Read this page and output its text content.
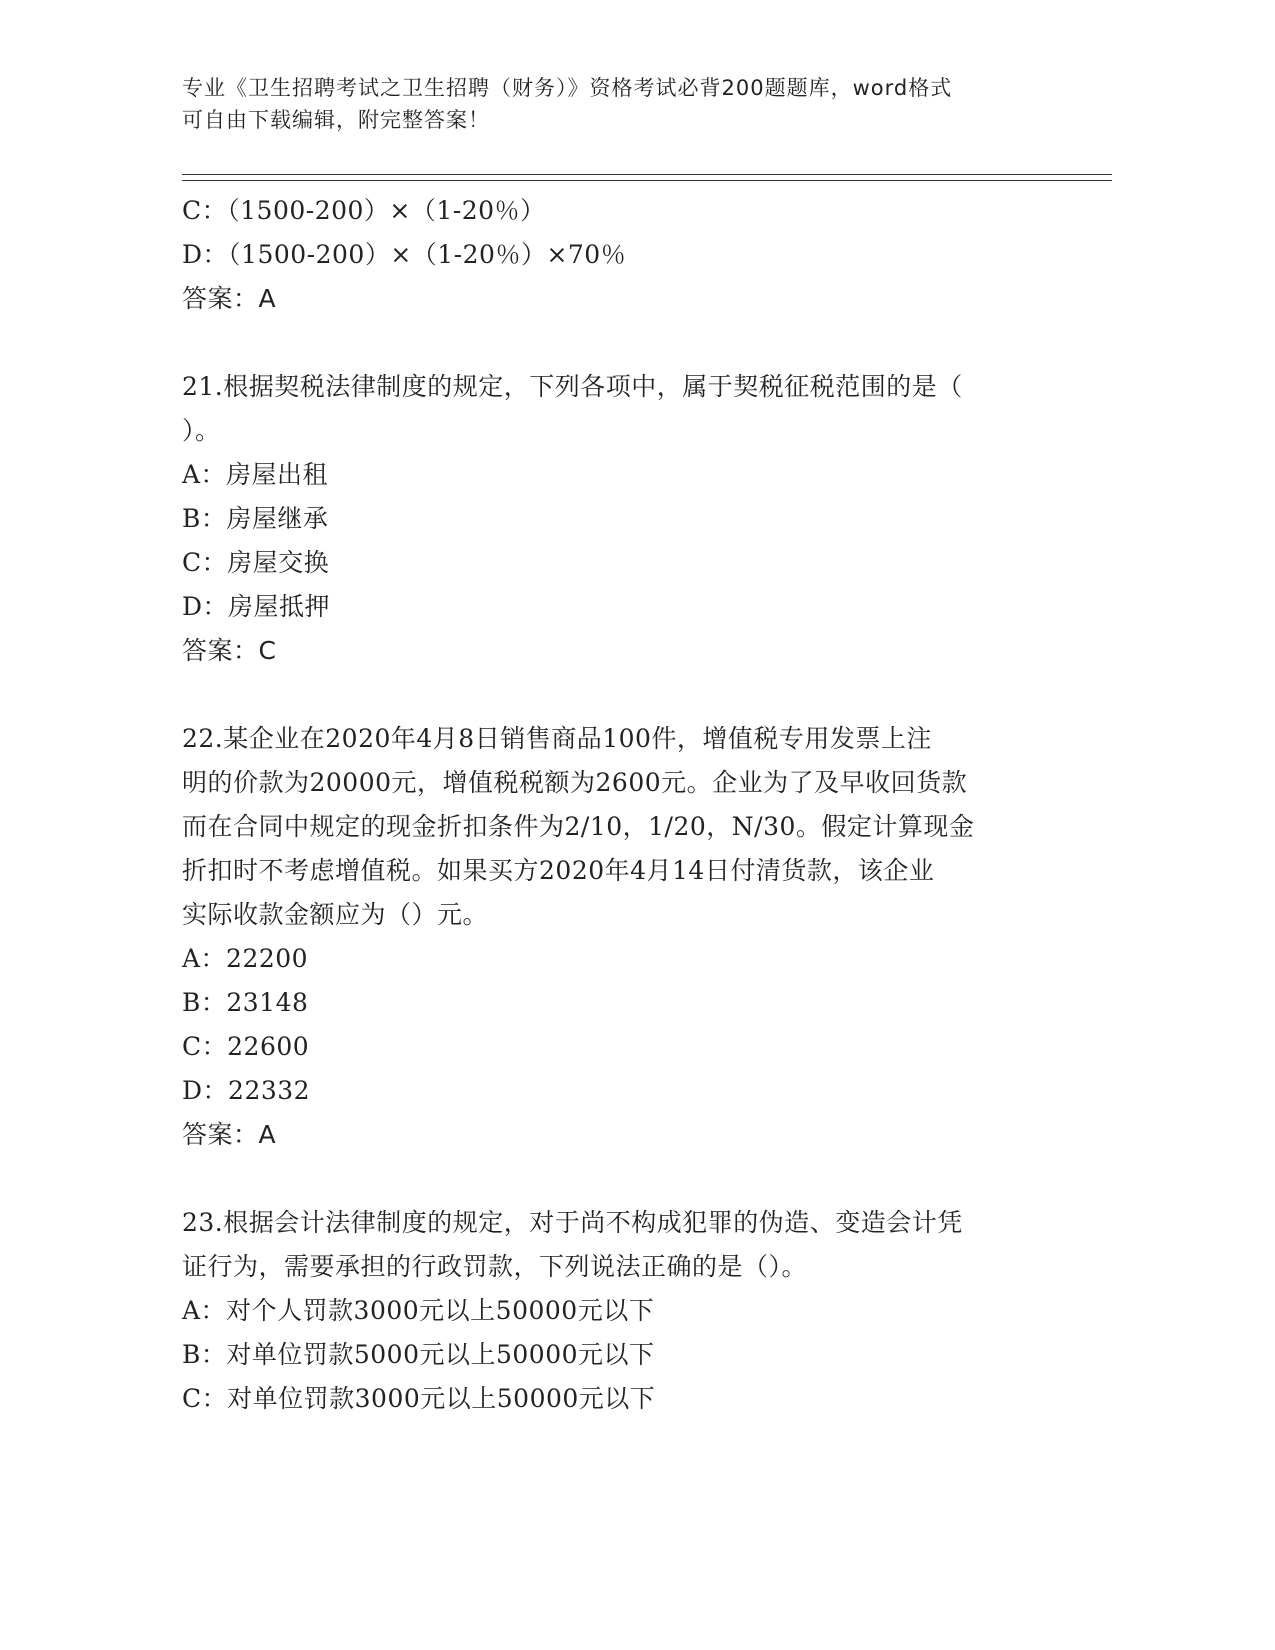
专业《卫生招聘考试之卫生招聘（财务）》资格考试必背200题题库，word格式
可自由下载编辑，附完整答案！
C：（1500-200）×（1-20％）
D：（1500-200）×（1-20％）×70％
答案：A
21.根据契税法律制度的规定，下列各项中，属于契税征税范围的是（
）。
A：房屋出租
B：房屋继承
C：房屋交换
D：房屋抵押
答案：C
22.某企业在2020年4月8日销售商品100件，增值税专用发票上注
明的价款为20000元，增值税税额为2600元。企业为了及早收回货款
而在合同中规定的现金折扣条件为2/10，1/20，N/30。假定计算现金
折扣时不考虑增值税。如果买方2020年4月14日付清货款，该企业
实际收款金额应为（）元。
A：22200
B：23148
C：22600
D：22332
答案：A
23.根据会计法律制度的规定，对于尚不构成犯罪的伪造、变造会计凭
证行为，需要承担的行政罚款，下列说法正确的是（）。
A：对个人罚款3000元以上50000元以下
B：对单位罚款5000元以上50000元以下
C：对单位罚款3000元以上50000元以下
